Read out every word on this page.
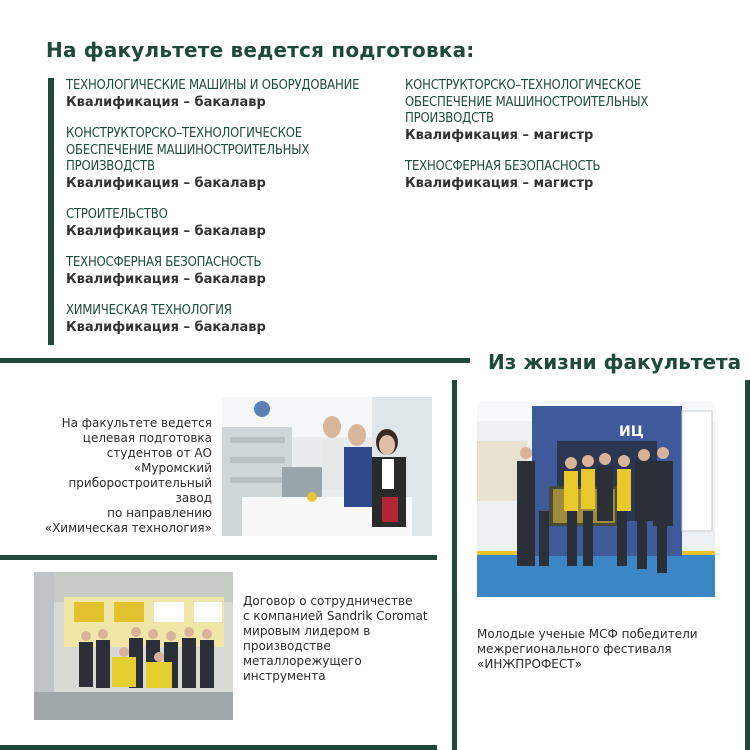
На факультете ведется подготовка:
ТЕХНОЛОГИЧЕСКИЕ МАШИНЫ И ОБОРУДОВАНИЕ
Квалификация – бакалавр
КОНСТРУКТОРСКО–ТЕХНОЛОГИЧЕСКОЕ
ОБЕСПЕЧЕНИЕ МАШИНОСТРОИТЕЛЬНЫХ
ПРОИЗВОДСТВ
Квалификация – бакалавр
СТРОИТЕЛЬСТВО
Квалификация – бакалавр
ТЕХНОСФЕРНАЯ БЕЗОПАСНОСТЬ
Квалификация – бакалавр
ХИМИЧЕСКАЯ ТЕХНОЛОГИЯ
Квалификация – бакалавр
КОНСТРУКТОРСКО–ТЕХНОЛОГИЧЕСКОЕ
ОБЕСПЕЧЕНИЕ МАШИНОСТРОИТЕЛЬНЫХ
ПРОИЗВОДСТВ
Квалификация – магистр
ТЕХНОСФЕРНАЯ БЕЗОПАСНОСТЬ
Квалификация – магистр
Из жизни факультета
На факультете ведется
целевая подготовка
студентов от АО «Муромский
приборостроительный завод
по направлению
«Химическая технология»
Договор о сотрудничестве
с компанией Sandrik Coromat
мировым лидером в
производстве
металлорежущего
инструмента
ИЦ
Молодые ученые МСФ победители
межрегионального фестиваля
«ИНЖПРОФЕСТ»
